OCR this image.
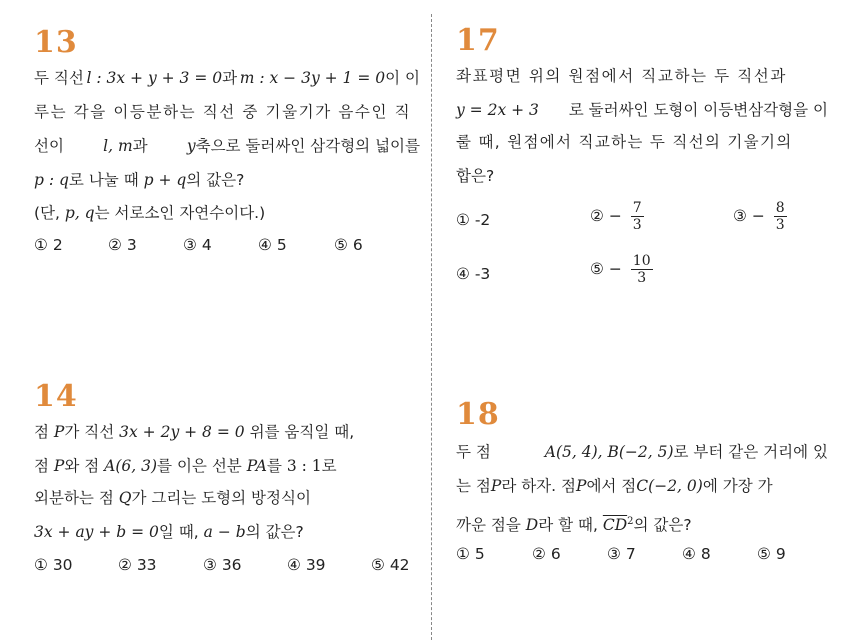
13
두 직선 l : 3x + y + 3 = 0과 m : x − 3y + 1 = 0이 이
루는 각을 이등분하는 직선 중 기울기가 음수인 직
선이	l, m과	y축으로 둘러싸인 삼각형의 넓이를
p : q로 나눌 때 p + q의 값은?
(단, p, q는 서로소인 자연수이다.)
① 2	② 3	③ 4	④ 5	⑤ 6
14
점 P가 직선 3x + 2y + 8 = 0 위를 움직일 때,
점 P와 점 A(6, 3)를 이은 선분 PA를 3 : 1로
외분하는 점 Q가 그리는 도형의 방정식이
3x + ay + b = 0일 때, a − b의 값은?
① 30	② 33	③ 36	④ 39	⑤ 42
17
좌표평면 위의 원점에서 직교하는 두 직선과
y = 2x + 3 로 둘러싸인 도형이 이등변삼각형을 이
룰 때, 원점에서 직교하는 두 직선의 기울기의
합은?
① -2	② − $\frac{7}{3}$	③ − $\frac{8}{3}$
④ -3	⑤ − $\frac{10}{3}$
18
두 점	A(5, 4), B(−2, 5)로 부터 같은 거리에 있
는 점P라 하자. 점P에서 점C(−2, 0)에 가장 가
까운 점을 D라 할 때, $\overline{CD}^2$의 값은?
① 5	② 6	③ 7	④ 8	⑤ 9
